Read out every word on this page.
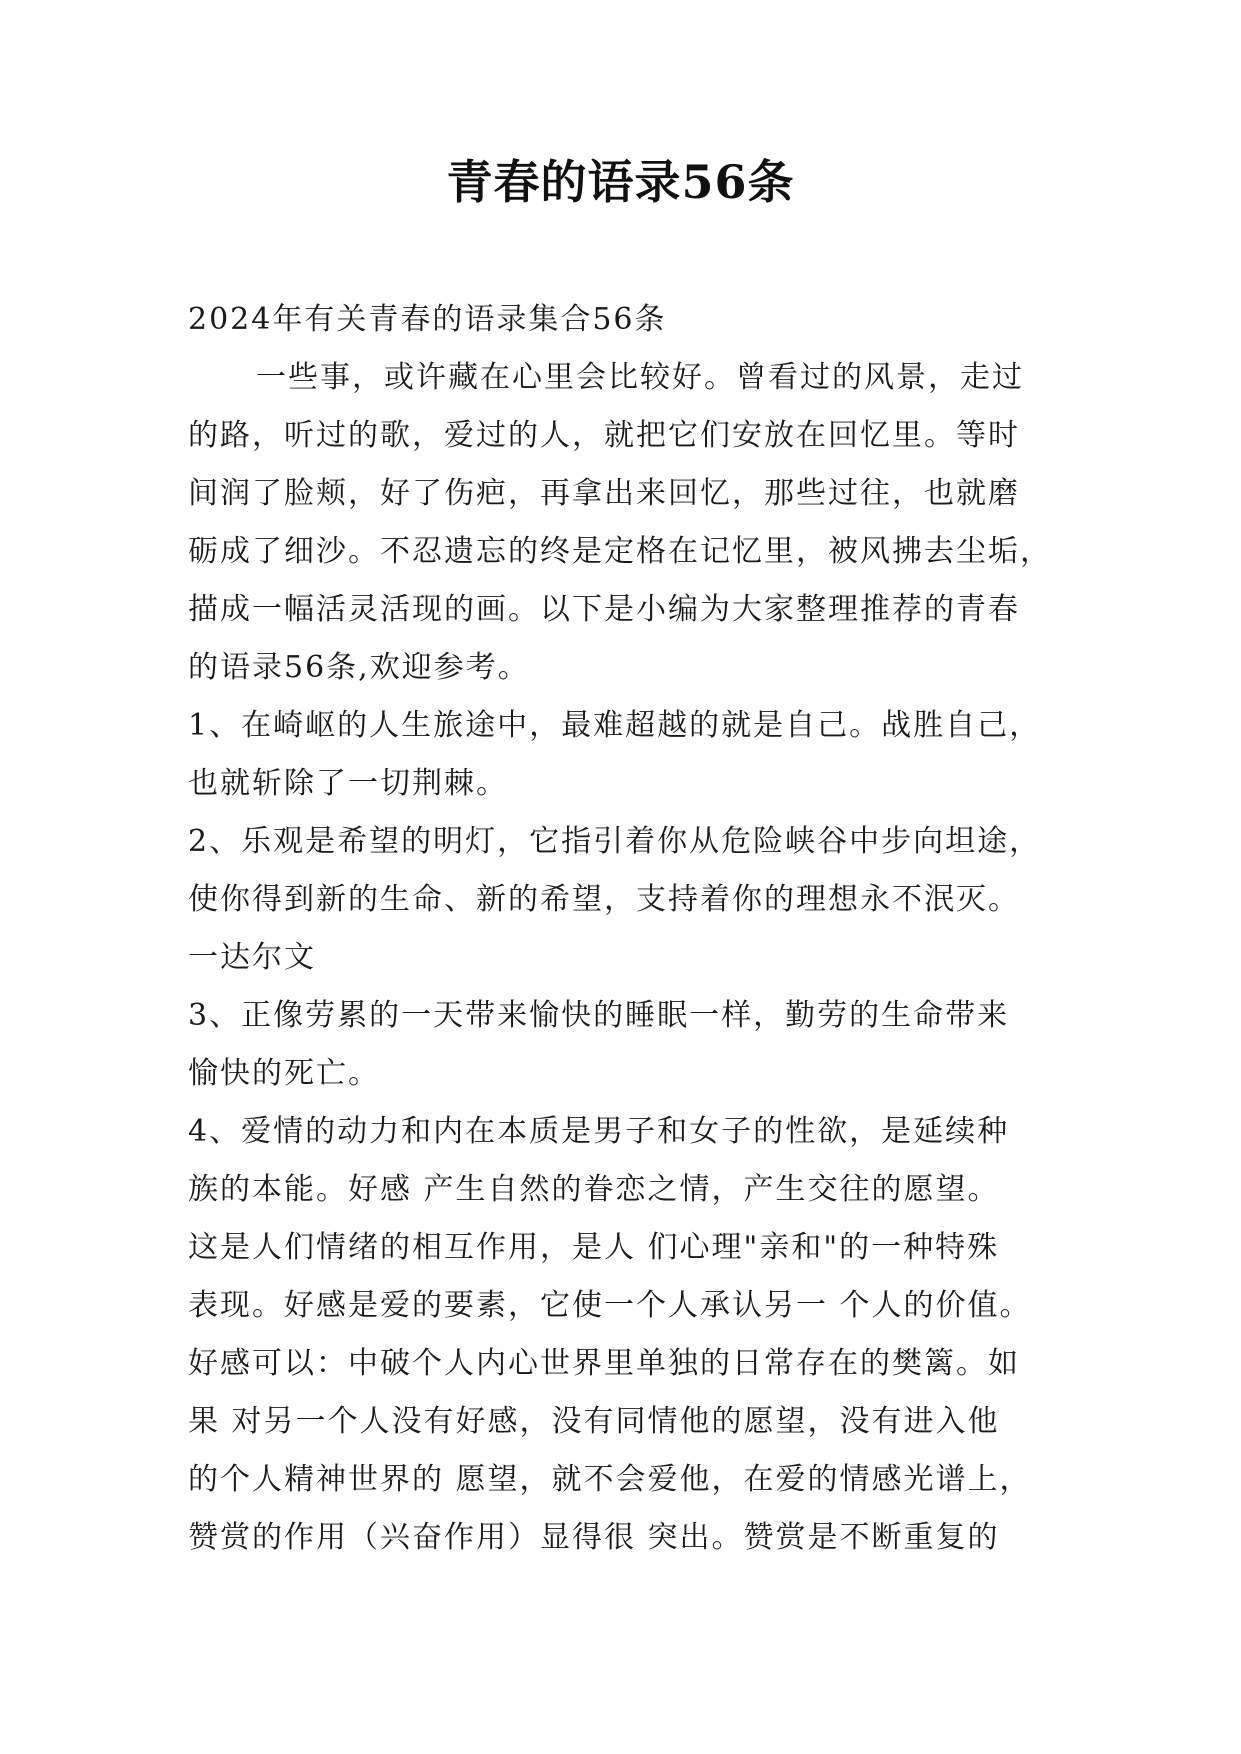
青春的语录56条
2024年有关青春的语录集合56条
一些事，或许藏在心里会比较好。曾看过的风景，走过
的路，听过的歌，爱过的人，就把它们安放在回忆里。等时
间润了脸颊，好了伤疤，再拿出来回忆，那些过往，也就磨
砺成了细沙。不忍遗忘的终是定格在记忆里，被风拂去尘垢，
描成一幅活灵活现的画。以下是小编为大家整理推荐的青春
的语录56条,欢迎参考。
1、在崎岖的人生旅途中，最难超越的就是自己。战胜自己，
也就斩除了一切荆棘。
2、乐观是希望的明灯，它指引着你从危险峡谷中步向坦途，
使你得到新的生命、新的希望，支持着你的理想永不泯灭。
一达尔文
3、正像劳累的一天带来愉快的睡眠一样，勤劳的生命带来
愉快的死亡。
4、爱情的动力和内在本质是男子和女子的性欲，是延续种
族的本能。好感 产生自然的眷恋之情，产生交往的愿望。
这是人们情绪的相互作用，是人 们心理"亲和"的一种特殊
表现。好感是爱的要素，它使一个人承认另一 个人的价值。
好感可以：中破个人内心世界里单独的日常存在的樊篱。如
果 对另一个人没有好感，没有同情他的愿望，没有进入他
的个人精神世界的 愿望，就不会爱他，在爱的情感光谱上，
赞赏的作用（兴奋作用）显得很 突出。赞赏是不断重复的
